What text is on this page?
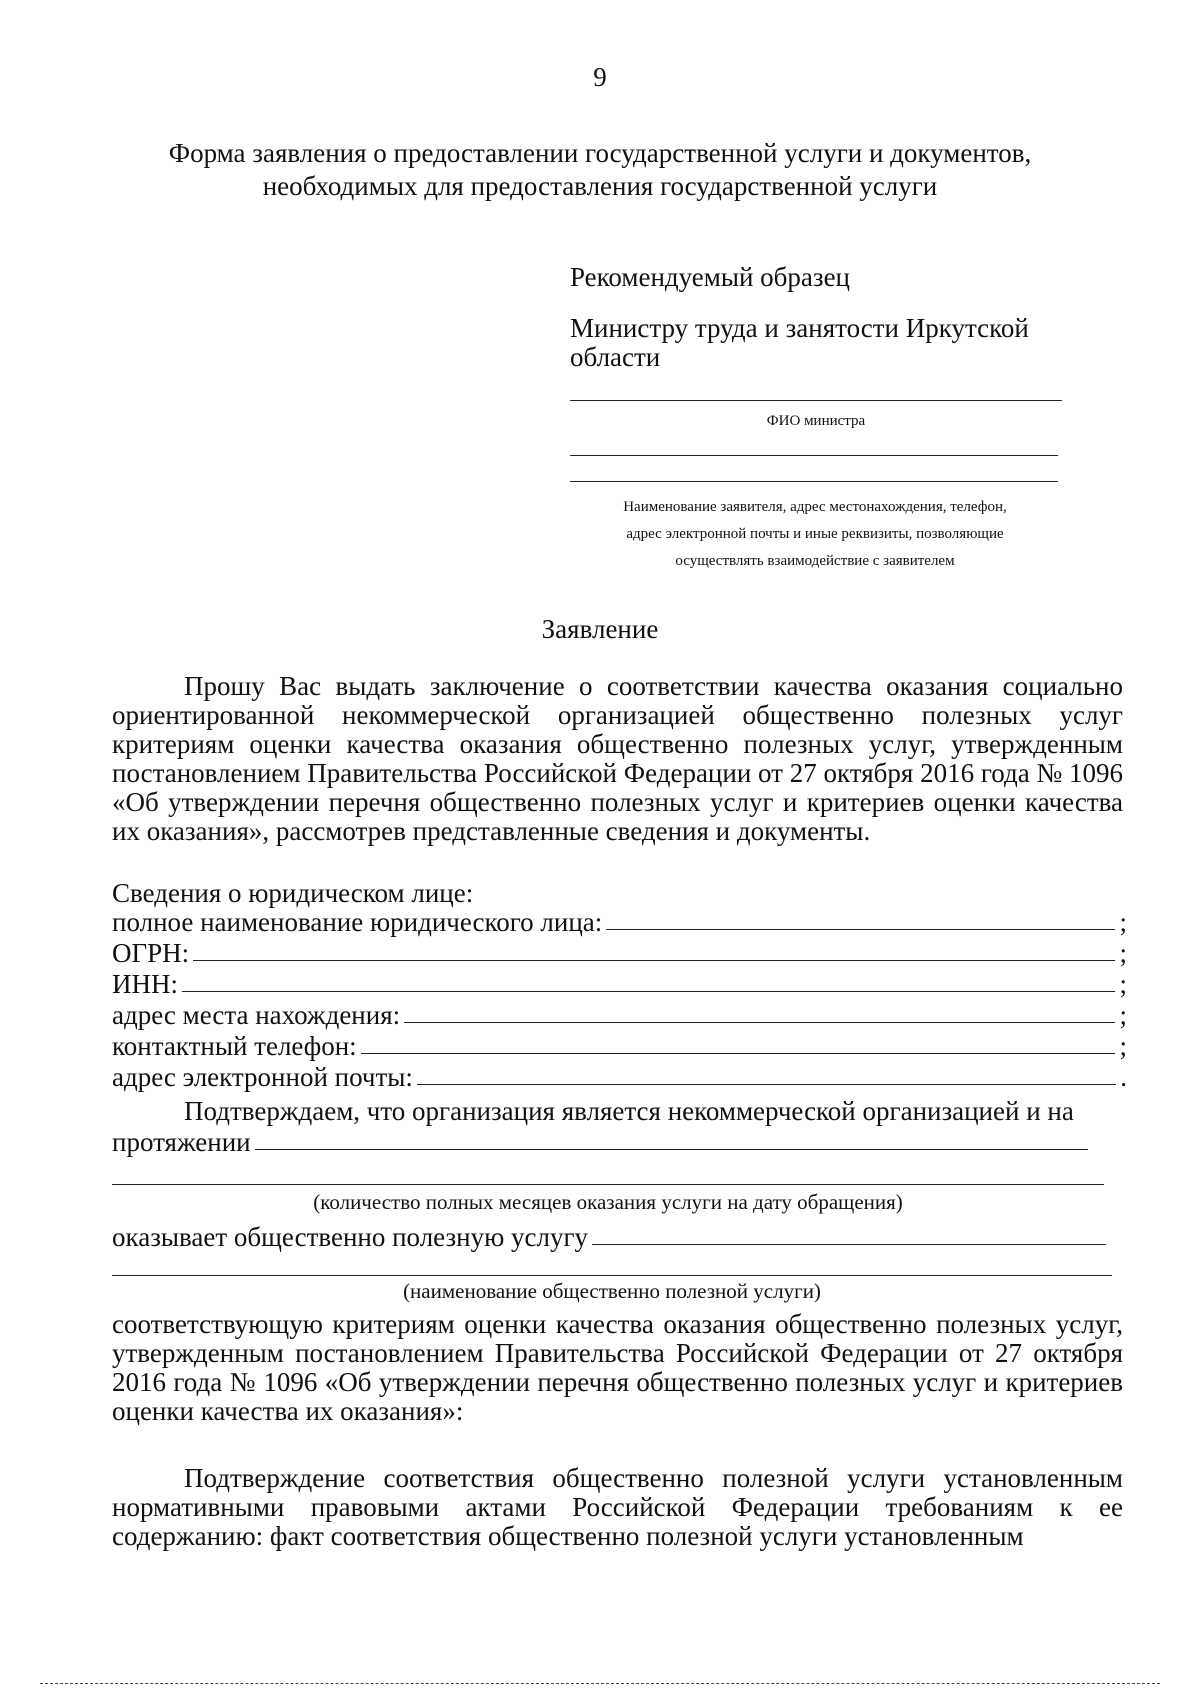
9
Форма заявления о предоставлении государственной услуги и документов,
необходимых для предоставления государственной услуги
Рекомендуемый образец
Министру труда и занятости Иркутской
области
ФИО министра
Наименование заявителя, адрес местонахождения, телефон,
адрес электронной почты и иные реквизиты, позволяющие
осуществлять взаимодействие с заявителем
Заявление
Прошу Вас выдать заключение о соответствии качества оказания социально ориентированной некоммерческой организацией общественно полезных услуг критериям оценки качества оказания общественно полезных услуг, утвержденным постановлением Правительства Российской Федерации от 27 октября 2016 года № 1096 «Об утверждении перечня общественно полезных услуг и критериев оценки качества их оказания», рассмотрев представленные сведения и документы.
Сведения о юридическом лице:
полное наименование юридического лица:	;
ОГРН:	;
ИНН:	;
адрес места нахождения:	;
контактный телефон:	;
адрес электронной почты:	.
Подтверждаем, что организация является некоммерческой организацией и на
протяжении
(количество полных месяцев оказания услуги на дату обращения)
оказывает общественно полезную услугу
(наименование общественно полезной услуги)
соответствующую критериям оценки качества оказания общественно полезных услуг, утвержденным постановлением Правительства Российской Федерации от 27 октября 2016 года № 1096 «Об утверждении перечня общественно полезных услуг и критериев оценки качества их оказания»:
Подтверждение соответствия общественно полезной услуги установленным нормативными правовыми актами Российской Федерации требованиям к ее содержанию: факт соответствия общественно полезной услуги установленным
